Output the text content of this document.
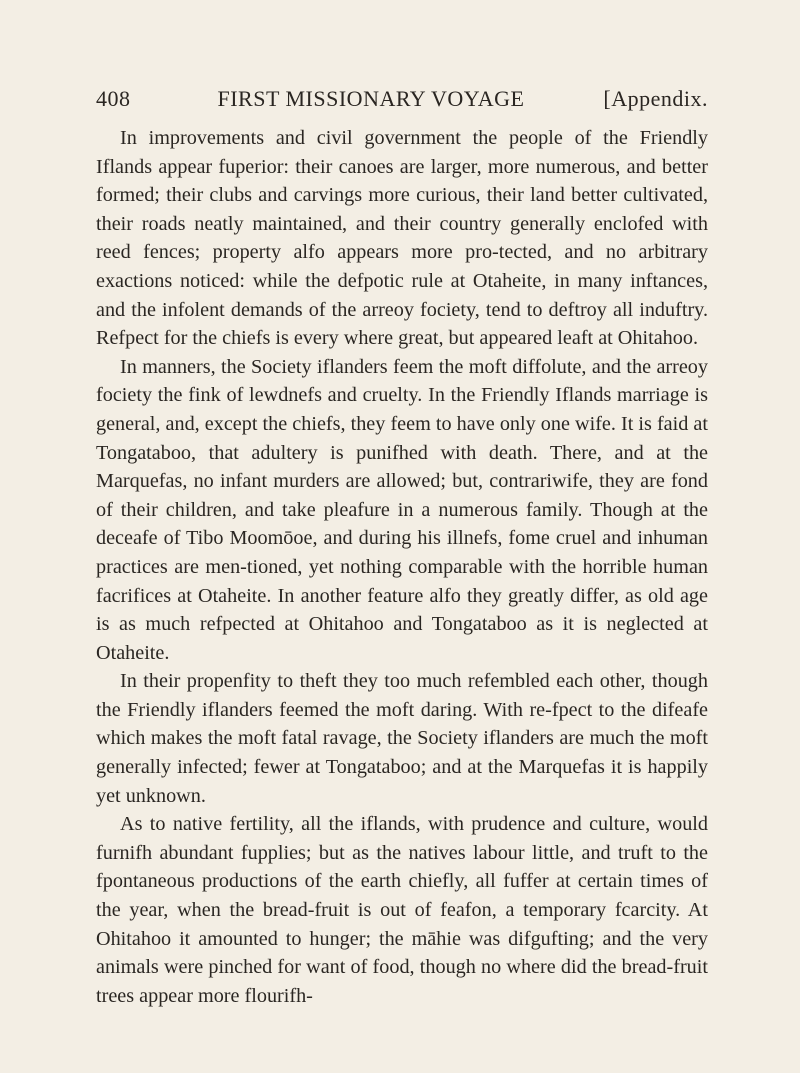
408	FIRST MISSIONARY VOYAGE	[Appendix.

In improvements and civil government the people of the Friendly Iflands appear fuperior: their canoes are larger, more numerous, and better formed; their clubs and carvings more curious, their land better cultivated, their roads neatly maintained, and their country generally enclofed with reed fences; property alfo appears more pro-tected, and no arbitrary exactions noticed: while the defpotic rule at Otaheite, in many inftances, and the infolent demands of the arreoy fociety, tend to deftroy all induftry. Refpect for the chiefs is every where great, but appeared leaft at Ohitahoo.

In manners, the Society iflanders feem the moft diffolute, and the arreoy fociety the fink of lewdnefs and cruelty. In the Friendly Iflands marriage is general, and, except the chiefs, they feem to have only one wife. It is faid at Tongataboo, that adultery is punifhed with death. There, and at the Marquefas, no infant murders are allowed; but, contrariwife, they are fond of their children, and take pleafure in a numerous family. Though at the deceafe of Tibo Moomōoe, and during his illnefs, fome cruel and inhuman practices are men-tioned, yet nothing comparable with the horrible human facrifices at Otaheite. In another feature alfo they greatly differ, as old age is as much refpected at Ohitahoo and Tongataboo as it is neglected at Otaheite.

In their propenfity to theft they too much refembled each other, though the Friendly iflanders feemed the moft daring. With re-fpect to the difeafe which makes the moft fatal ravage, the Society iflanders are much the moft generally infected; fewer at Tongataboo; and at the Marquefas it is happily yet unknown.

As to native fertility, all the iflands, with prudence and culture, would furnifh abundant fupplies; but as the natives labour little, and truft to the fpontaneous productions of the earth chiefly, all fuffer at certain times of the year, when the bread-fruit is out of feafon, a temporary fcarcity. At Ohitahoo it amounted to hunger; the māhie was difgufting; and the very animals were pinched for want of food, though no where did the bread-fruit trees appear more flourifh-
